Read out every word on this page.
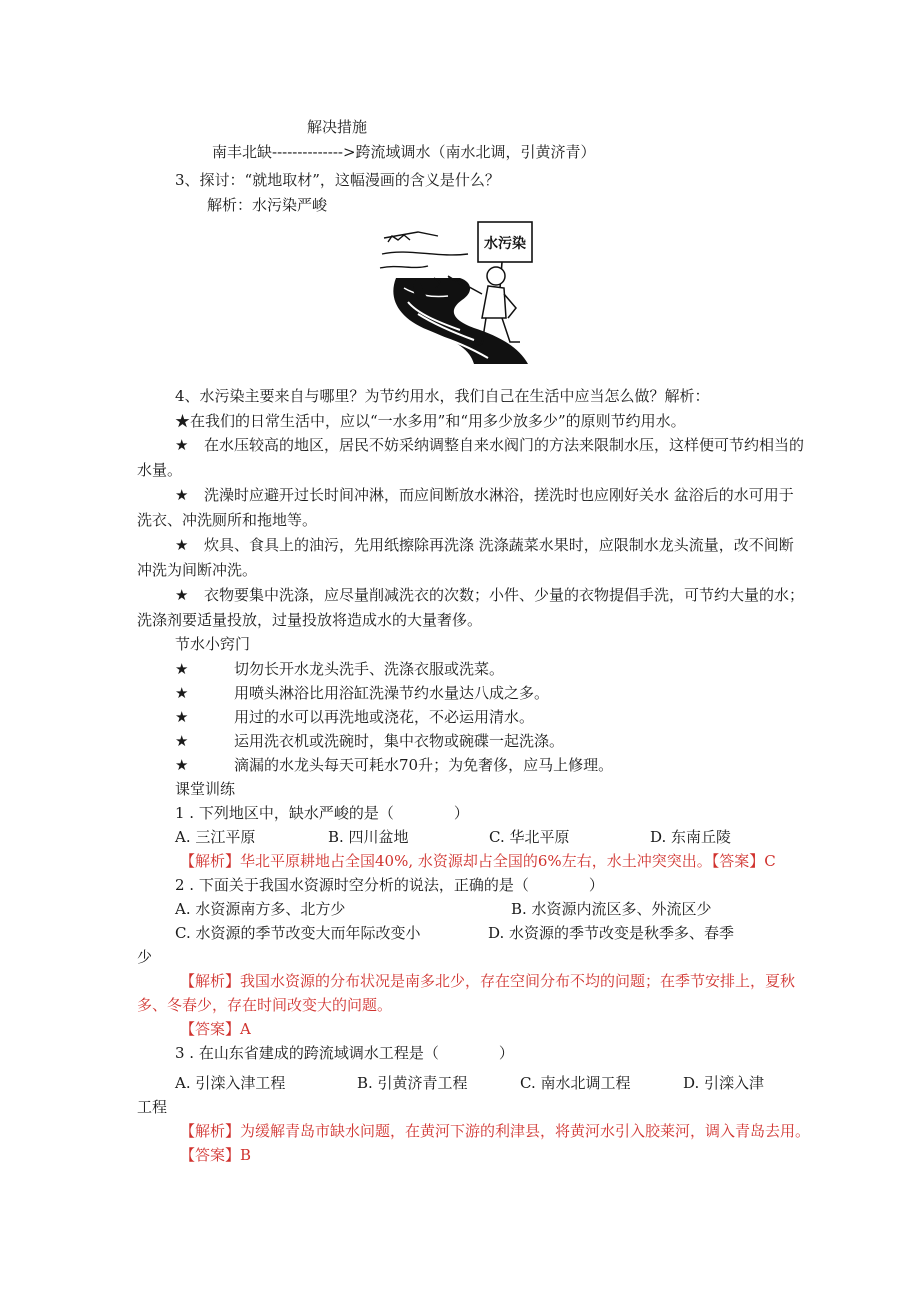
解决措施
南丰北缺-------------->跨流域调水（南水北调，引黄济青）
3、探讨：“就地取材”，这幅漫画的含义是什么？
解析：水污染严峻
水污染
4、水污染主要来自与哪里？为节约用水，我们自己在生活中应当怎么做？解析：
★在我们的日常生活中，应以“一水多用”和“用多少放多少”的原则节约用水。
★ 在水压较高的地区，居民不妨采纳调整自来水阀门的方法来限制水压，这样便可节约相当的
水量。
★ 洗澡时应避开过长时间冲淋，而应间断放水淋浴，搓洗时也应刚好关水 盆浴后的水可用于
洗衣、冲洗厕所和拖地等。
★ 炊具、食具上的油污，先用纸擦除再洗涤 洗涤蔬菜水果时，应限制水龙头流量，改不间断
冲洗为间断冲洗。
★ 衣物要集中洗涤，应尽量削减洗衣的次数；小件、少量的衣物提倡手洗，可节约大量的水；
洗涤剂要适量投放，过量投放将造成水的大量奢侈。
节水小窍门
★	切勿长开水龙头洗手、洗涤衣服或洗菜。
★	用喷头淋浴比用浴缸洗澡节约水量达八成之多。
★	用过的水可以再洗地或浇花，不必运用清水。
★	运用洗衣机或洗碗时，集中衣物或碗碟一起洗涤。
★	滴漏的水龙头每天可耗水70升；为免奢侈，应马上修理。
课堂训练
1 . 下列地区中，缺水严峻的是（　　　　）
A. 三江平原	B. 四川盆地	C. 华北平原	D. 东南丘陵
【解析】华北平原耕地占全国40%, 水资源却占全国的6%左右，水土冲突突出。【答案】C
2 . 下面关于我国水资源时空分析的说法，正确的是（　　　　）
A. 水资源南方多、北方少	B. 水资源内流区多、外流区少
C. 水资源的季节改变大而年际改变小	D. 水资源的季节改变是秋季多、春季
少
【解析】我国水资源的分布状况是南多北少，存在空间分布不均的问题；在季节安排上，夏秋
多、冬春少，存在时间改变大的问题。
【答案】A
3 . 在山东省建成的跨流域调水工程是（　　　　）
A. 引滦入津工程	B. 引黄济青工程	C. 南水北调工程	D. 引滦入津
工程
【解析】为缓解青岛市缺水问题，在黄河下游的利津县，将黄河水引入胶莱河，调入青岛去用。
【答案】B
